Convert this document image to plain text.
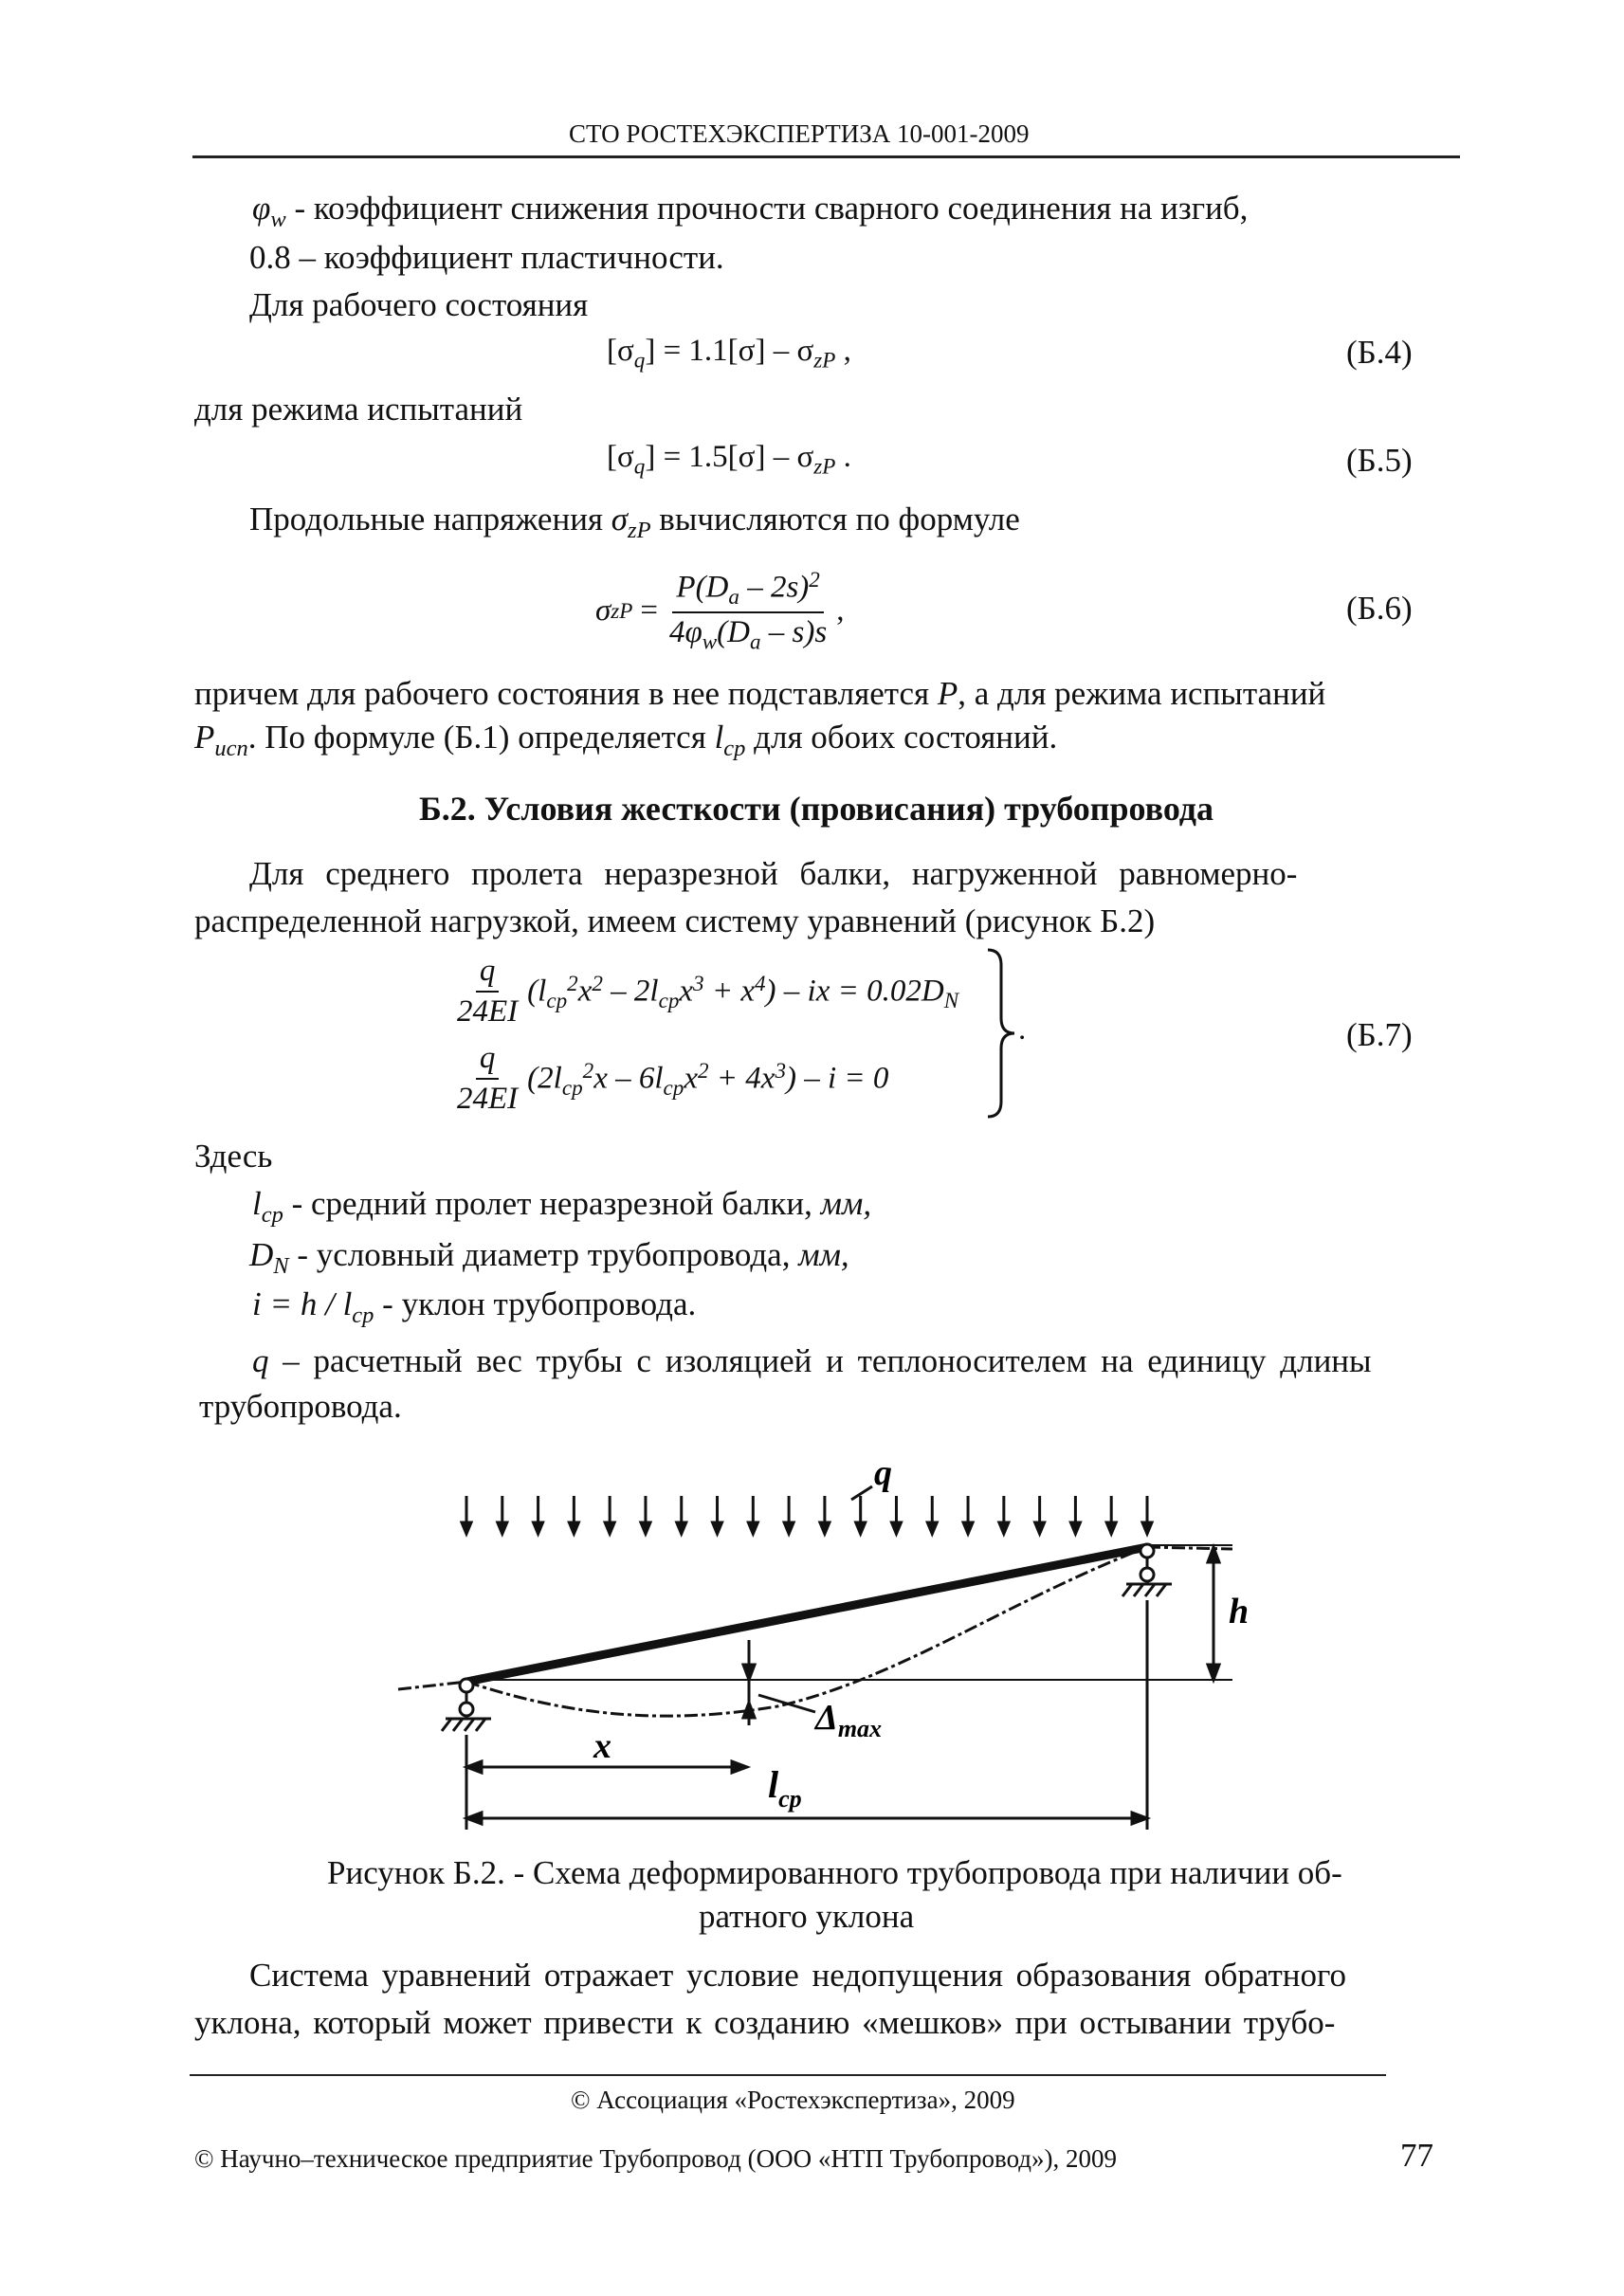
СТО РОСТЕХЭКСПЕРТИЗА 10-001-2009
$\varphi_w$ - коэффициент снижения прочности сварного соединения на изгиб,
0.8 – коэффициент пластичности.
Для рабочего состояния
$[\sigma_q] = 1.1[\sigma] - \sigma_{zP}$ ,	(Б.4)
для режима испытаний
$[\sigma_q] = 1.5[\sigma] - \sigma_{zP}$ .	(Б.5)
Продольные напряжения $\sigma_{zP}$ вычисляются по формуле
σ zP = $\frac{P(D_a - 2s)^2}{4\varphi_w(D_a - s)s}$ ,	(Б.6)
причем для рабочего состояния в нее подставляется P, а для режима испытаний
$P_{исп}$. По формуле (Б.1) определяется $l_{cp}$ для обоих состояний.
Б.2. Условия жесткости (провисания) трубопровода
Для среднего пролета неразрезной балки, нагруженной равномерно-
распределенной нагрузкой, имеем систему уравнений (рисунок Б.2)
$\frac{q}{24EI} (l_{cp}^2x^2 - 2l_{cp}x^3 + x^4)$ – ix = $0.02D_N$
$\frac{q}{24EI} (2l_{cp}^2x - 6l_{cp}x^2 + 4x^3) - i = 0$
.	(Б.7)
Здесь
$l_{cp}$ - средний пролет неразрезной балки, мм,
$D_N$ - условный диаметр трубопровода, мм,
$i = h / l_{cp}$ - уклон трубопровода.
q – расчетный вес трубы с изоляцией и теплоносителем на единицу длины
трубопровода.
q
h
x
$\Delta_{max}$
$l_{cp}$
Рисунок Б.2. - Схема деформированного трубопровода при наличии об-
ратного уклона
Система уравнений отражает условие недопущения образования обратного
уклона, который может привести к созданию «мешков» при остывании трубо-
© Ассоциация «Ростехэкспертиза», 2009
© Научно–техническое предприятие Трубопровод (ООО «НТП Трубопровод»), 2009	77
